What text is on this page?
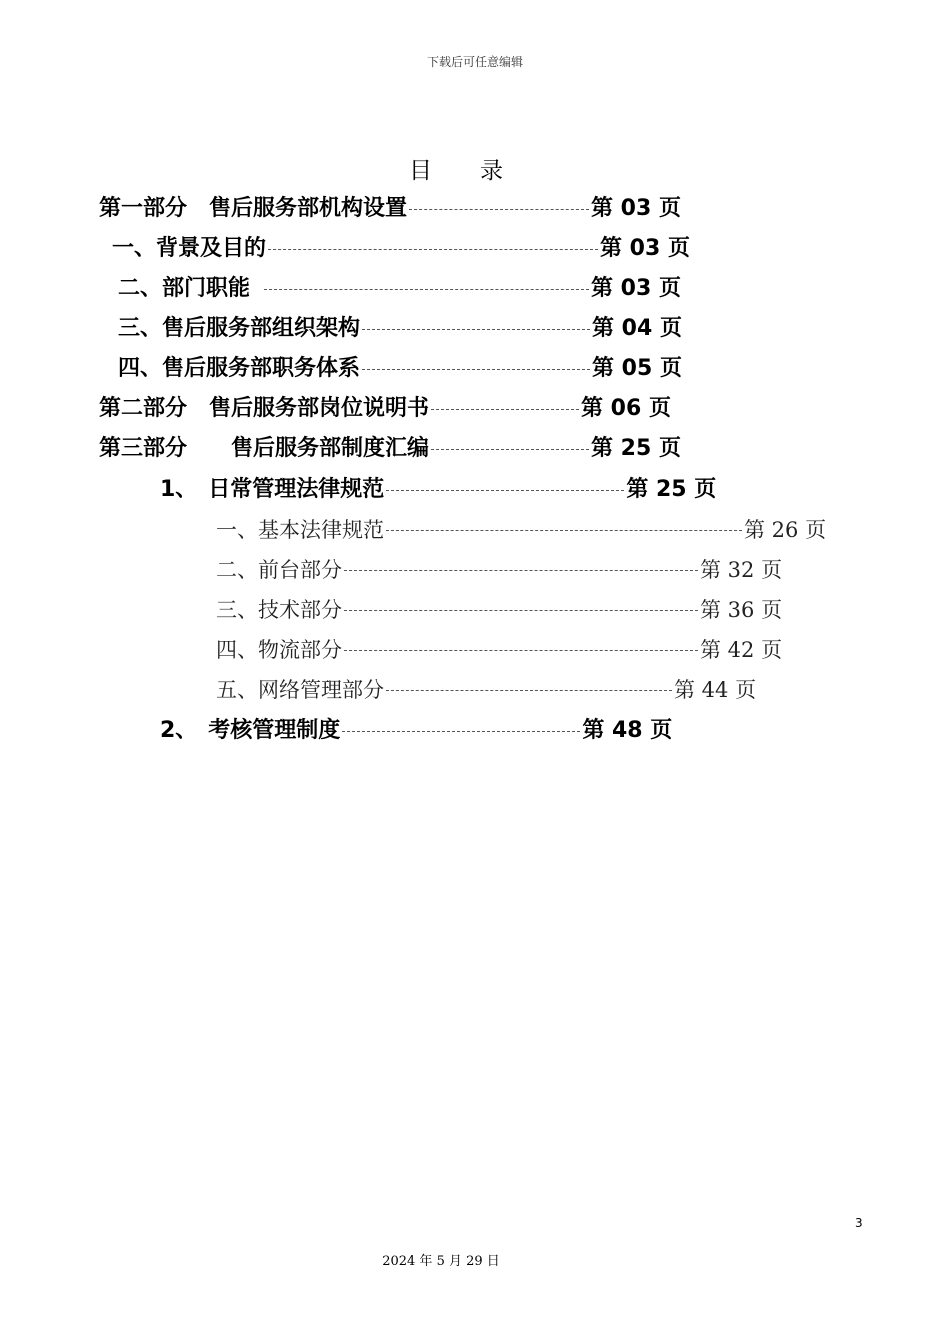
下载后可任意编辑
目录
第一部分　售后服务部机构设置	第 03 页
一、背景及目的	第 03 页
二、部门职能	第 03 页
三、售后服务部组织架构	第 04 页
四、售后服务部职务体系	第 05 页
第二部分　售后服务部岗位说明书	第 06 页
第三部分　　售后服务部制度汇编	第 25 页
1、　日常管理法律规范	第 25 页
一、基本法律规范	第 26 页
二、前台部分	第 32 页
三、技术部分	第 36 页
四、物流部分	第 42 页
五、网络管理部分	第 44 页
2、　考核管理制度	第 48 页
3
2024 年 5 月 29 日
